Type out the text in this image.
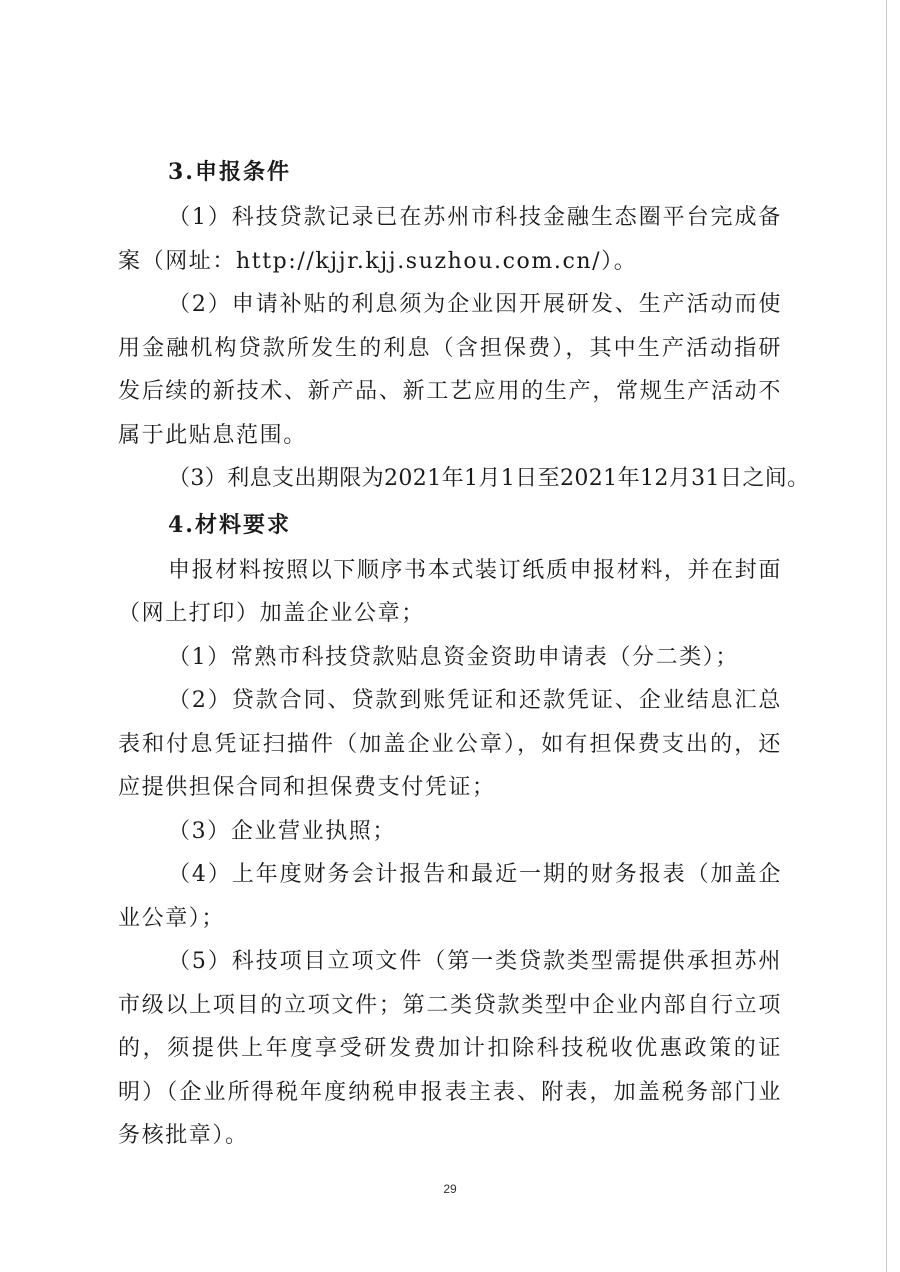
3.申报条件

（1）科技贷款记录已在苏州市科技金融生态圈平台完成备案（网址：http://kjjr.kjj.suzhou.com.cn/）。

（2）申请补贴的利息须为企业因开展研发、生产活动而使用金融机构贷款所发生的利息（含担保费），其中生产活动指研发后续的新技术、新产品、新工艺应用的生产，常规生产活动不属于此贴息范围。

（3）利息支出期限为2021年1月1日至2021年12月31日之间。

4.材料要求

申报材料按照以下顺序书本式装订纸质申报材料，并在封面（网上打印）加盖企业公章；

（1）常熟市科技贷款贴息资金资助申请表（分二类）；

（2）贷款合同、贷款到账凭证和还款凭证、企业结息汇总表和付息凭证扫描件（加盖企业公章），如有担保费支出的，还应提供担保合同和担保费支付凭证；

（3）企业营业执照；

（4）上年度财务会计报告和最近一期的财务报表（加盖企业公章）；

（5）科技项目立项文件（第一类贷款类型需提供承担苏州市级以上项目的立项文件；第二类贷款类型中企业内部自行立项的，须提供上年度享受研发费加计扣除科技税收优惠政策的证明）（企业所得税年度纳税申报表主表、附表，加盖税务部门业务核批章）。

29
